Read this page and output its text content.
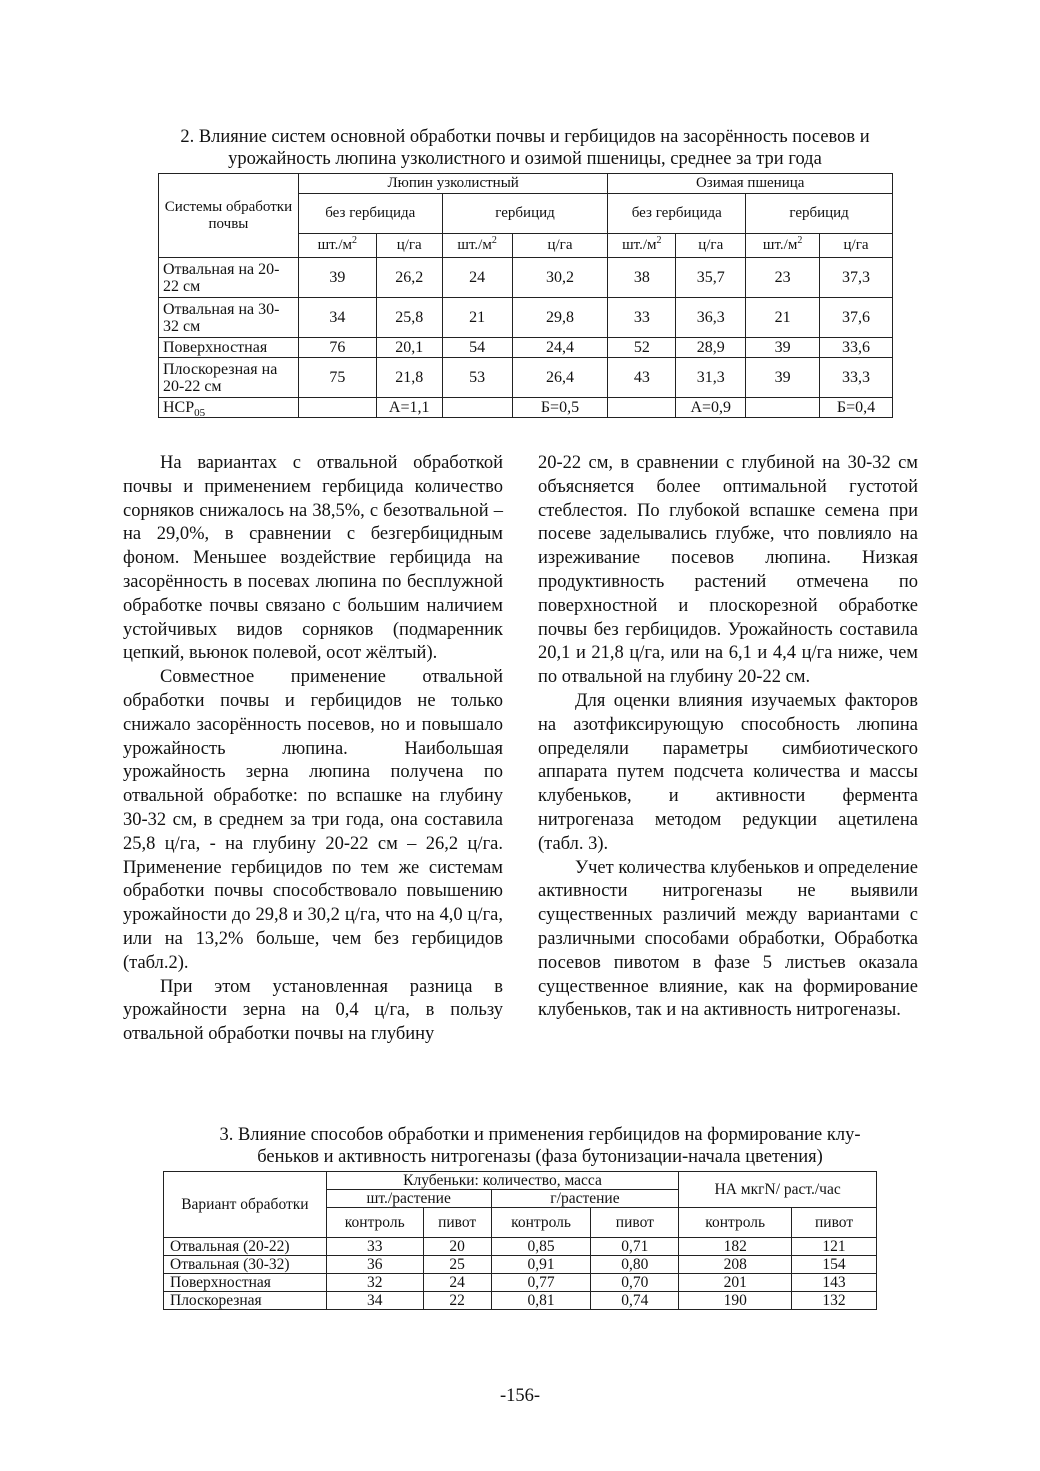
2. Влияние систем основной обработки почвы и гербицидов на засорённость посевов и
урожайность люпина узколистного и озимой пшеницы, среднее за три года
Системы обработки почвы	Люпин узколистный				Озимая пшеница			
	без гербицида		гербицид		без гербицида		гербицид	
	$шт./м^2$	ц/га	$шт./м^2$	ц/га	$шт./м^2$	ц/га	$шт./м^2$	ц/га
Отвальная на 20-22 см	39	26,2	24	30,2	38	35,7	23	37,3
Отвальная на 30-32 см	34	25,8	21	29,8	33	36,3	21	37,6
Поверхностная	76	20,1	54	24,4	52	28,9	39	33,6
Плоскорезная на 20-22 см	75	21,8	53	26,4	43	31,3	39	33,3
$НСР_{05}$		А=1,1		Б=0,5		А=0,9		Б=0,4

На вариантах с отвальной обработкой почвы и применением гербицида количество сорняков снижалось на 38,5%, с безотвальной – на 29,0%, в сравнении с безгербицидным фоном. Меньшее воздействие гербицида на засорённость в посевах люпина по бесплужной обработке почвы связано с большим наличием устойчивых видов сорняков (подмаренник цепкий, вьюнок полевой, осот жёлтый).

Совместное применение отвальной обработки почвы и гербицидов не только снижало засорённость посевов, но и повышало урожайность люпина. Наибольшая урожайность зерна люпина получена по отвальной обработке: по вспашке на глубину 30-32 см, в среднем за три года, она составила 25,8 ц/га, - на глубину 20-22 см – 26,2 ц/га. Применение гербицидов по тем же системам обработки почвы способствовало повышению урожайности до 29,8 и 30,2 ц/га, что на 4,0 ц/га, или на 13,2% больше, чем без гербицидов (табл.2).

При этом установленная разница в урожайности зерна на 0,4 ц/га, в пользу отвальной обработки почвы на глубину

20-22 см, в сравнении с глубиной на 30-32 см объясняется более оптимальной густотой стеблестоя. По глубокой вспашке семена при посеве заделывались глубже, что повлияло на изреживание посевов люпина. Низкая продуктивность растений отмечена по поверхностной и плоскорезной обработке почвы без гербицидов. Урожайность составила 20,1 и 21,8 ц/га, или на 6,1 и 4,4 ц/га ниже, чем по отвальной на глубину 20-22 см.

Для оценки влияния изучаемых факторов на азотфиксирующую способность люпина определяли параметры симбиотического аппарата путем подсчета количества и массы клубеньков, и активности фермента нитрогеназа методом редукции ацетилена (табл. 3).

Учет количества клубеньков и определение активности нитрогеназы не выявили существенных различий между вариантами с различными способами обработки, Обработка посевов пивотом в фазе 5 листьев оказала существенное влияние, как на формирование клубеньков, так и на активность нитрогеназы.

3. Влияние способов обработки и применения гербицидов на формирование клу-
беньков и активность нитрогеназы (фаза бутонизации-начала цветения)
Вариант обработки	Клубеньки: количество, масса				НА мкгN/ раст./час	
	шт./растение		г/растение			
	контроль	пивот	контроль	пивот	контроль	пивот
Отвальная (20-22)	33	20	0,85	0,71	182	121
Отвальная (30-32)	36	25	0,91	0,80	208	154
Поверхностная	32	24	0,77	0,70	201	143
Плоскорезная	34	22	0,81	0,74	190	132
-156-
